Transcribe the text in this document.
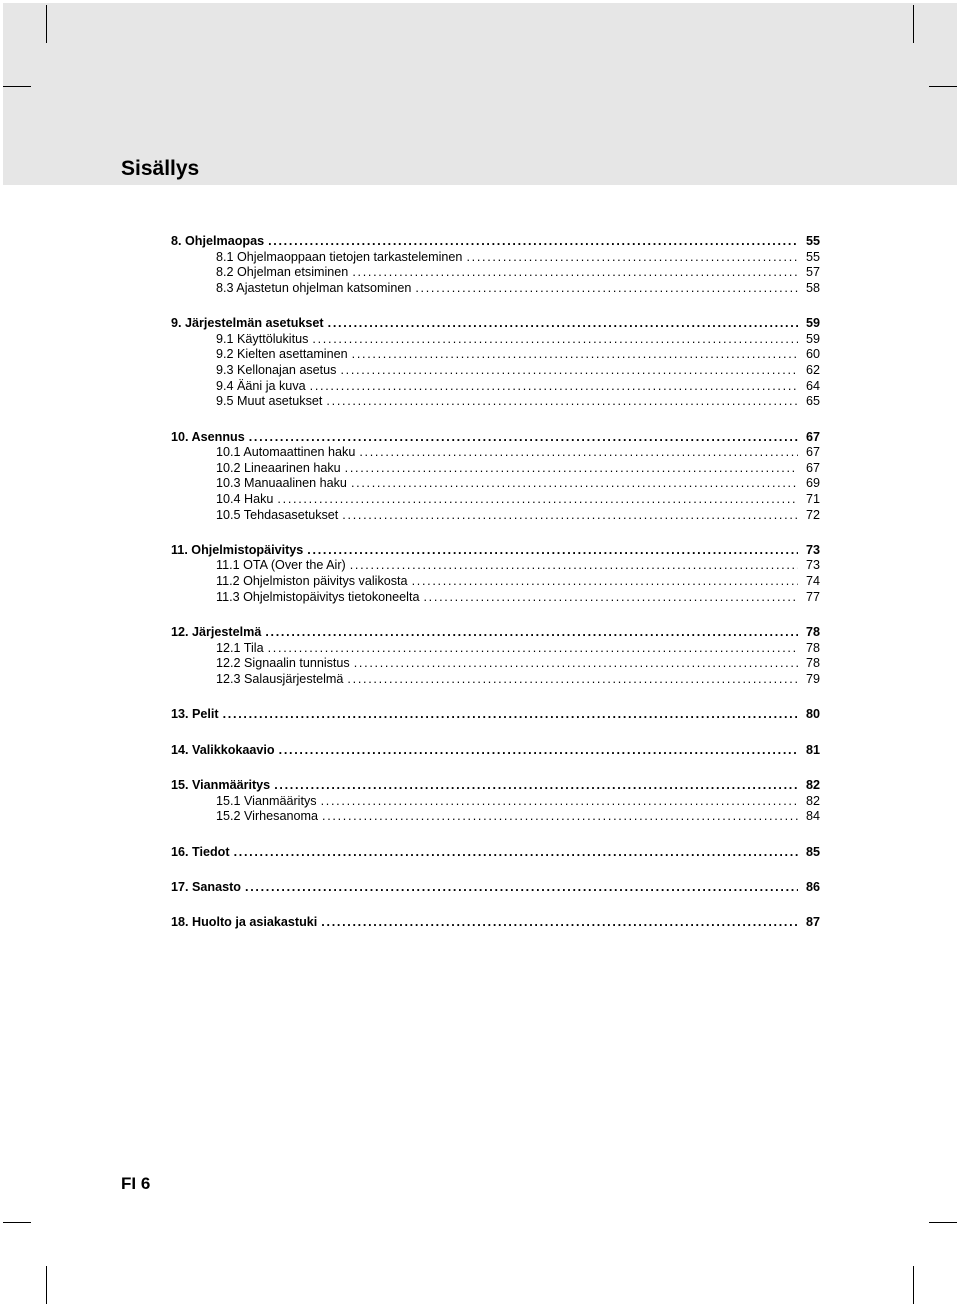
Sisällys
8. Ohjelmaopas . . .	55
8.1 Ohjelmaoppaan tietojen tarkasteleminen . . .	55
8.2 Ohjelman etsiminen . . .	57
8.3 Ajastetun ohjelman katsominen . . .	58
9. Järjestelmän asetukset . . .	59
9.1 Käyttölukitus . . .	59
9.2 Kielten asettaminen . . .	60
9.3 Kellonajan asetus . . .	62
9.4 Ääni ja kuva . . .	64
9.5 Muut asetukset . . .	65
10. Asennus . . .	67
10.1 Automaattinen haku . . .	67
10.2 Lineaarinen haku . . .	67
10.3 Manuaalinen haku . . .	69
10.4 Haku . . .	71
10.5 Tehdasasetukset . . .	72
11. Ohjelmistopäivitys . . .	73
11.1 OTA (Over the Air) . . .	73
11.2 Ohjelmiston päivitys valikosta . . .	74
11.3 Ohjelmistopäivitys tietokoneelta . . .	77
12. Järjestelmä . . .	78
12.1 Tila . . .	78
12.2 Signaalin tunnistus . . .	78
12.3 Salausjärjestelmä . . .	79
13. Pelit . . .	80
14. Valikkokaavio . . .	81
15. Vianmääritys . . .	82
15.1 Vianmääritys . . .	82
15.2 Virhesanoma . . .	84
16. Tiedot . . .	85
17. Sanasto . . .	86
18. Huolto ja asiakastuki . . .	87
FI 6
